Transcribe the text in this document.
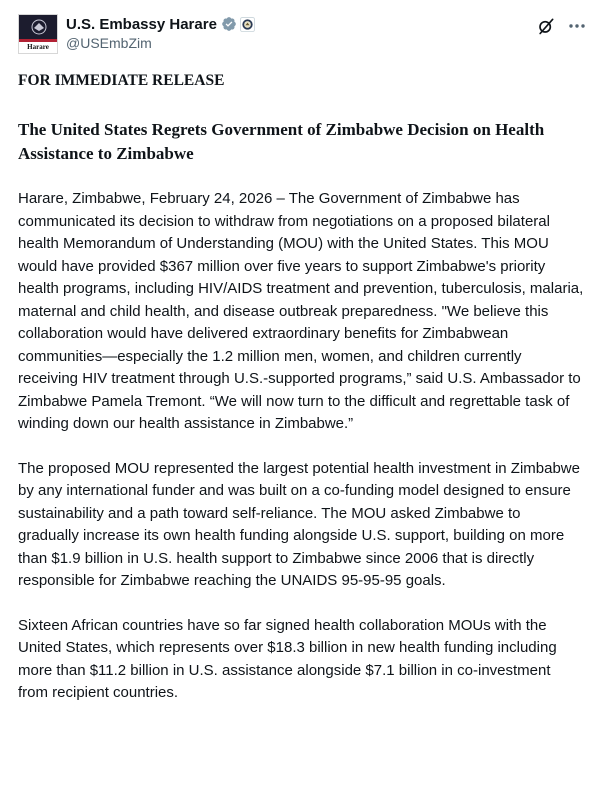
Harare
U.S. Embassy Harare
@USEmbZim
FOR IMMEDIATE RELEASE
The United States Regrets Government of Zimbabwe Decision on Health Assistance to Zimbabwe

Harare, Zimbabwe, February 24, 2026 – The Government of Zimbabwe has communicated its decision to withdraw from negotiations on a proposed bilateral health Memorandum of Understanding (MOU) with the United States. This MOU would have provided $367 million over five years to support Zimbabwe's priority health programs, including HIV/AIDS treatment and prevention, tuberculosis, malaria, maternal and child health, and disease outbreak preparedness. "We believe this collaboration would have delivered extraordinary benefits for Zimbabwean communities—especially the 1.2 million men, women, and children currently receiving HIV treatment through U.S.-supported programs,” said U.S. Ambassador to Zimbabwe Pamela Tremont. “We will now turn to the difficult and regrettable task of winding down our health assistance in Zimbabwe.”

The proposed MOU represented the largest potential health investment in Zimbabwe by any international funder and was built on a co-funding model designed to ensure sustainability and a path toward self-reliance. The MOU asked Zimbabwe to gradually increase its own health funding alongside U.S. support, building on more than $1.9 billion in U.S. health support to Zimbabwe since 2006 that is directly responsible for Zimbabwe reaching the UNAIDS 95-95-95 goals.

Sixteen African countries have so far signed health collaboration MOUs with the United States, which represents over $18.3 billion in new health funding including more than $11.2 billion in U.S. assistance alongside $7.1 billion in co-investment from recipient countries.
